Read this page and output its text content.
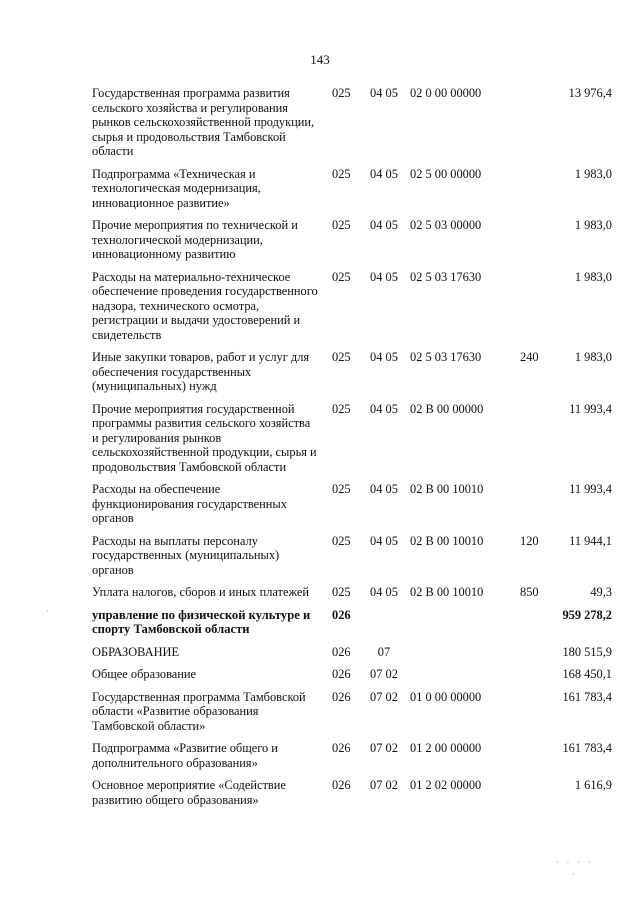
143
Государственная программа развития сельского хозяйства и регулирования рынков сельскохозяйственной продукции, сырья и продовольствия Тамбовской области	025	04 05	02 0 00 00000		13 976,4
Подпрограмма «Техническая и технологическая модернизация, инновационное развитие»	025	04 05	02 5 00 00000		1 983,0
Прочие мероприятия по технической и технологической модернизации, инновационному развитию	025	04 05	02 5 03 00000		1 983,0
Расходы на материально-техническое обеспечение проведения государственного надзора, технического осмотра, регистрации и выдачи удостоверений и свидетельств	025	04 05	02 5 03 17630		1 983,0
Иные закупки товаров, работ и услуг для обеспечения государственных (муниципальных) нужд	025	04 05	02 5 03 17630	240	1 983,0
Прочие мероприятия государственной программы развития сельского хозяйства и регулирования рынков сельскохозяйственной продукции, сырья и продовольствия Тамбовской области	025	04 05	02 В 00 00000		11 993,4
Расходы на обеспечение функционирования государственных органов	025	04 05	02 В 00 10010		11 993,4
Расходы на выплаты персоналу государственных (муниципальных) органов	025	04 05	02 В 00 10010	120	11 944,1
Уплата налогов, сборов и иных платежей	025	04 05	02 В 00 10010	850	49,3
управление по физической культуре и спорту Тамбовской области	026				959 278,2
ОБРАЗОВАНИЕ	026	07			180 515,9
Общее образование	026	07 02			168 450,1
Государственная программа Тамбовской области «Развитие образования Тамбовской области»	026	07 02	01 0 00 00000		161 783,4
Подпрограмма «Развитие общего и дополнительного образования»	026	07 02	01 2 00 00000		161 783,4
Основное мероприятие «Содействие развитию общего образования»	026	07 02	01 2 02 00000		1 616,9
· · · ·
·
·
